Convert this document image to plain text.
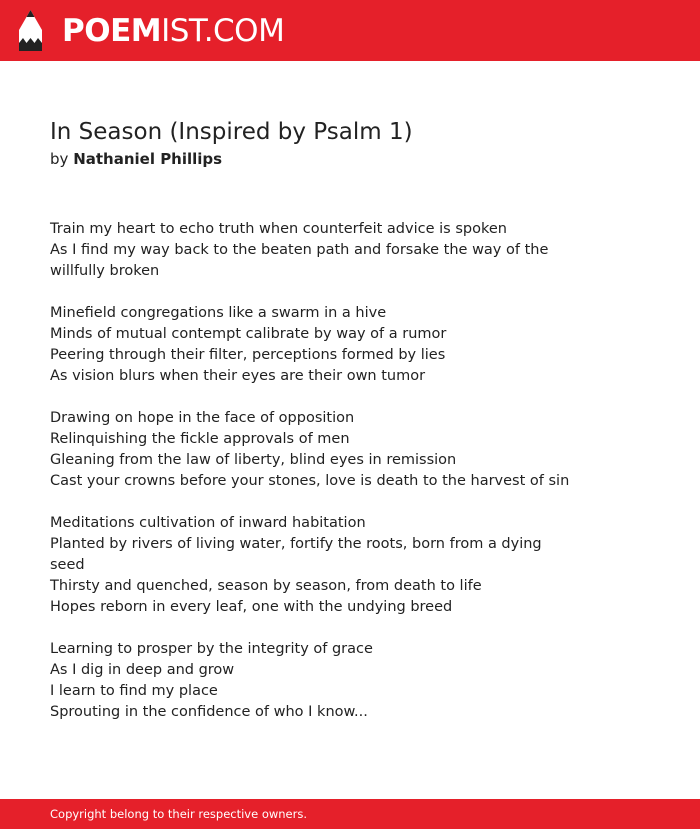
POEMIST.COM
In Season (Inspired by Psalm 1)
by Nathaniel Phillips
Train my heart to echo truth when counterfeit advice is spoken
As I find my way back to the beaten path and forsake the way of the
willfully broken
Minefield congregations like a swarm in a hive
Minds of mutual contempt calibrate by way of a rumor
Peering through their filter, perceptions formed by lies
As vision blurs when their eyes are their own tumor
Drawing on hope in the face of opposition
Relinquishing the fickle approvals of men
Gleaning from the law of liberty, blind eyes in remission
Cast your crowns before your stones, love is death to the harvest of sin
Meditations cultivation of inward habitation
Planted by rivers of living water, fortify the roots, born from a dying
seed
Thirsty and quenched, season by season, from death to life
Hopes reborn in every leaf, one with the undying breed
Learning to prosper by the integrity of grace
As I dig in deep and grow
I learn to find my place
Sprouting in the confidence of who I know...
Copyright belong to their respective owners.
